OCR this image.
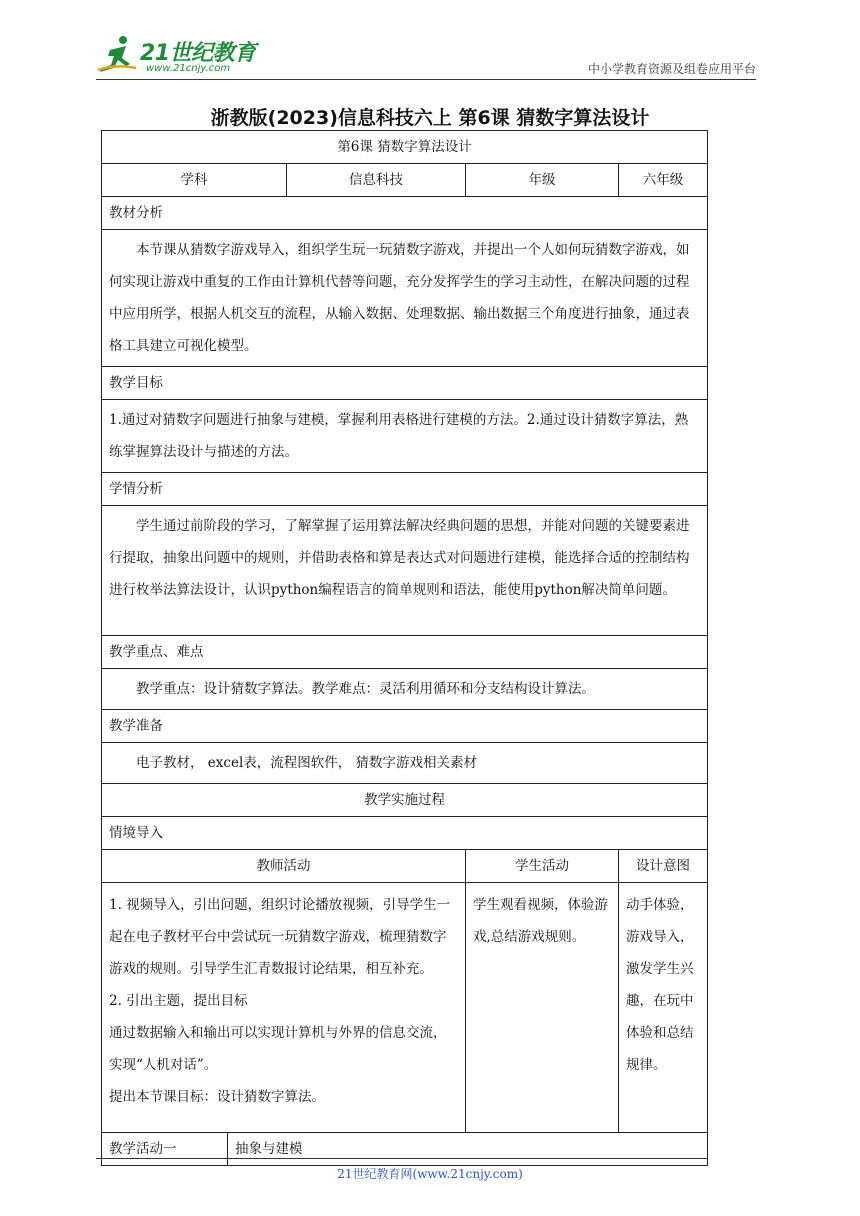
21世纪教育
www.21cnjy.com	中小学教育资源及组卷应用平台
浙教版(2023)信息科技六上 第6课 猜数字算法设计
第6课 猜数字算法设计				
学科		信息科技	年级	六年级
教材分析				

本节课从猜数字游戏导入，组织学生玩一玩猜数字游戏，并提出一个人如何玩猜数字游戏，如何实现让游戏中重复的工作由计算机代替等问题，充分发挥学生的学习主动性，在解决问题的过程中应用所学，根据人机交互的流程，从输入数据、处理数据、输出数据三个角度进行抽象，通过表格工具建立可视化模型。				

教学目标				

1.通过对猜数字问题进行抽象与建模，掌握利用表格进行建模的方法。2.通过设计猜数字算法，熟练掌握算法设计与描述的方法。				

学情分析				

学生通过前阶段的学习，了解掌握了运用算法解决经典问题的思想，并能对问题的关键要素进行提取，抽象出问题中的规则，并借助表格和算是表达式对问题进行建模，能选择合适的控制结构进行枚举法算法设计，认识python编程语言的简单规则和语法，能使用python解决简单问题。				

教学重点、难点				

教学重点：设计猜数字算法。教学难点：灵活利用循环和分支结构设计算法。				

教学准备				

电子教材， excel表，流程图软件， 猜数字游戏相关素材				

教学实施过程				
情境导入				
教师活动			学生活动	设计意图

1. 视频导入，引出问题，组织讨论播放视频，引导学生一起在电子教材平台中尝试玩一玩猜数字游戏，梳理猜数字游戏的规则。引导学生汇青数报讨论结果，相互补充。
2. 引出主题，提出目标
通过数据输入和输出可以实现计算机与外界的信息交流，实现“人机对话”。
提出本节课目标：设计猜数字算法。			学生观看视频，体验游戏,总结游戏规则。	动手体验，游戏导入，激发学生兴趣，在玩中体验和总结规律。

教学活动一	抽象与建模			
21世纪教育网(www.21cnjy.com)
